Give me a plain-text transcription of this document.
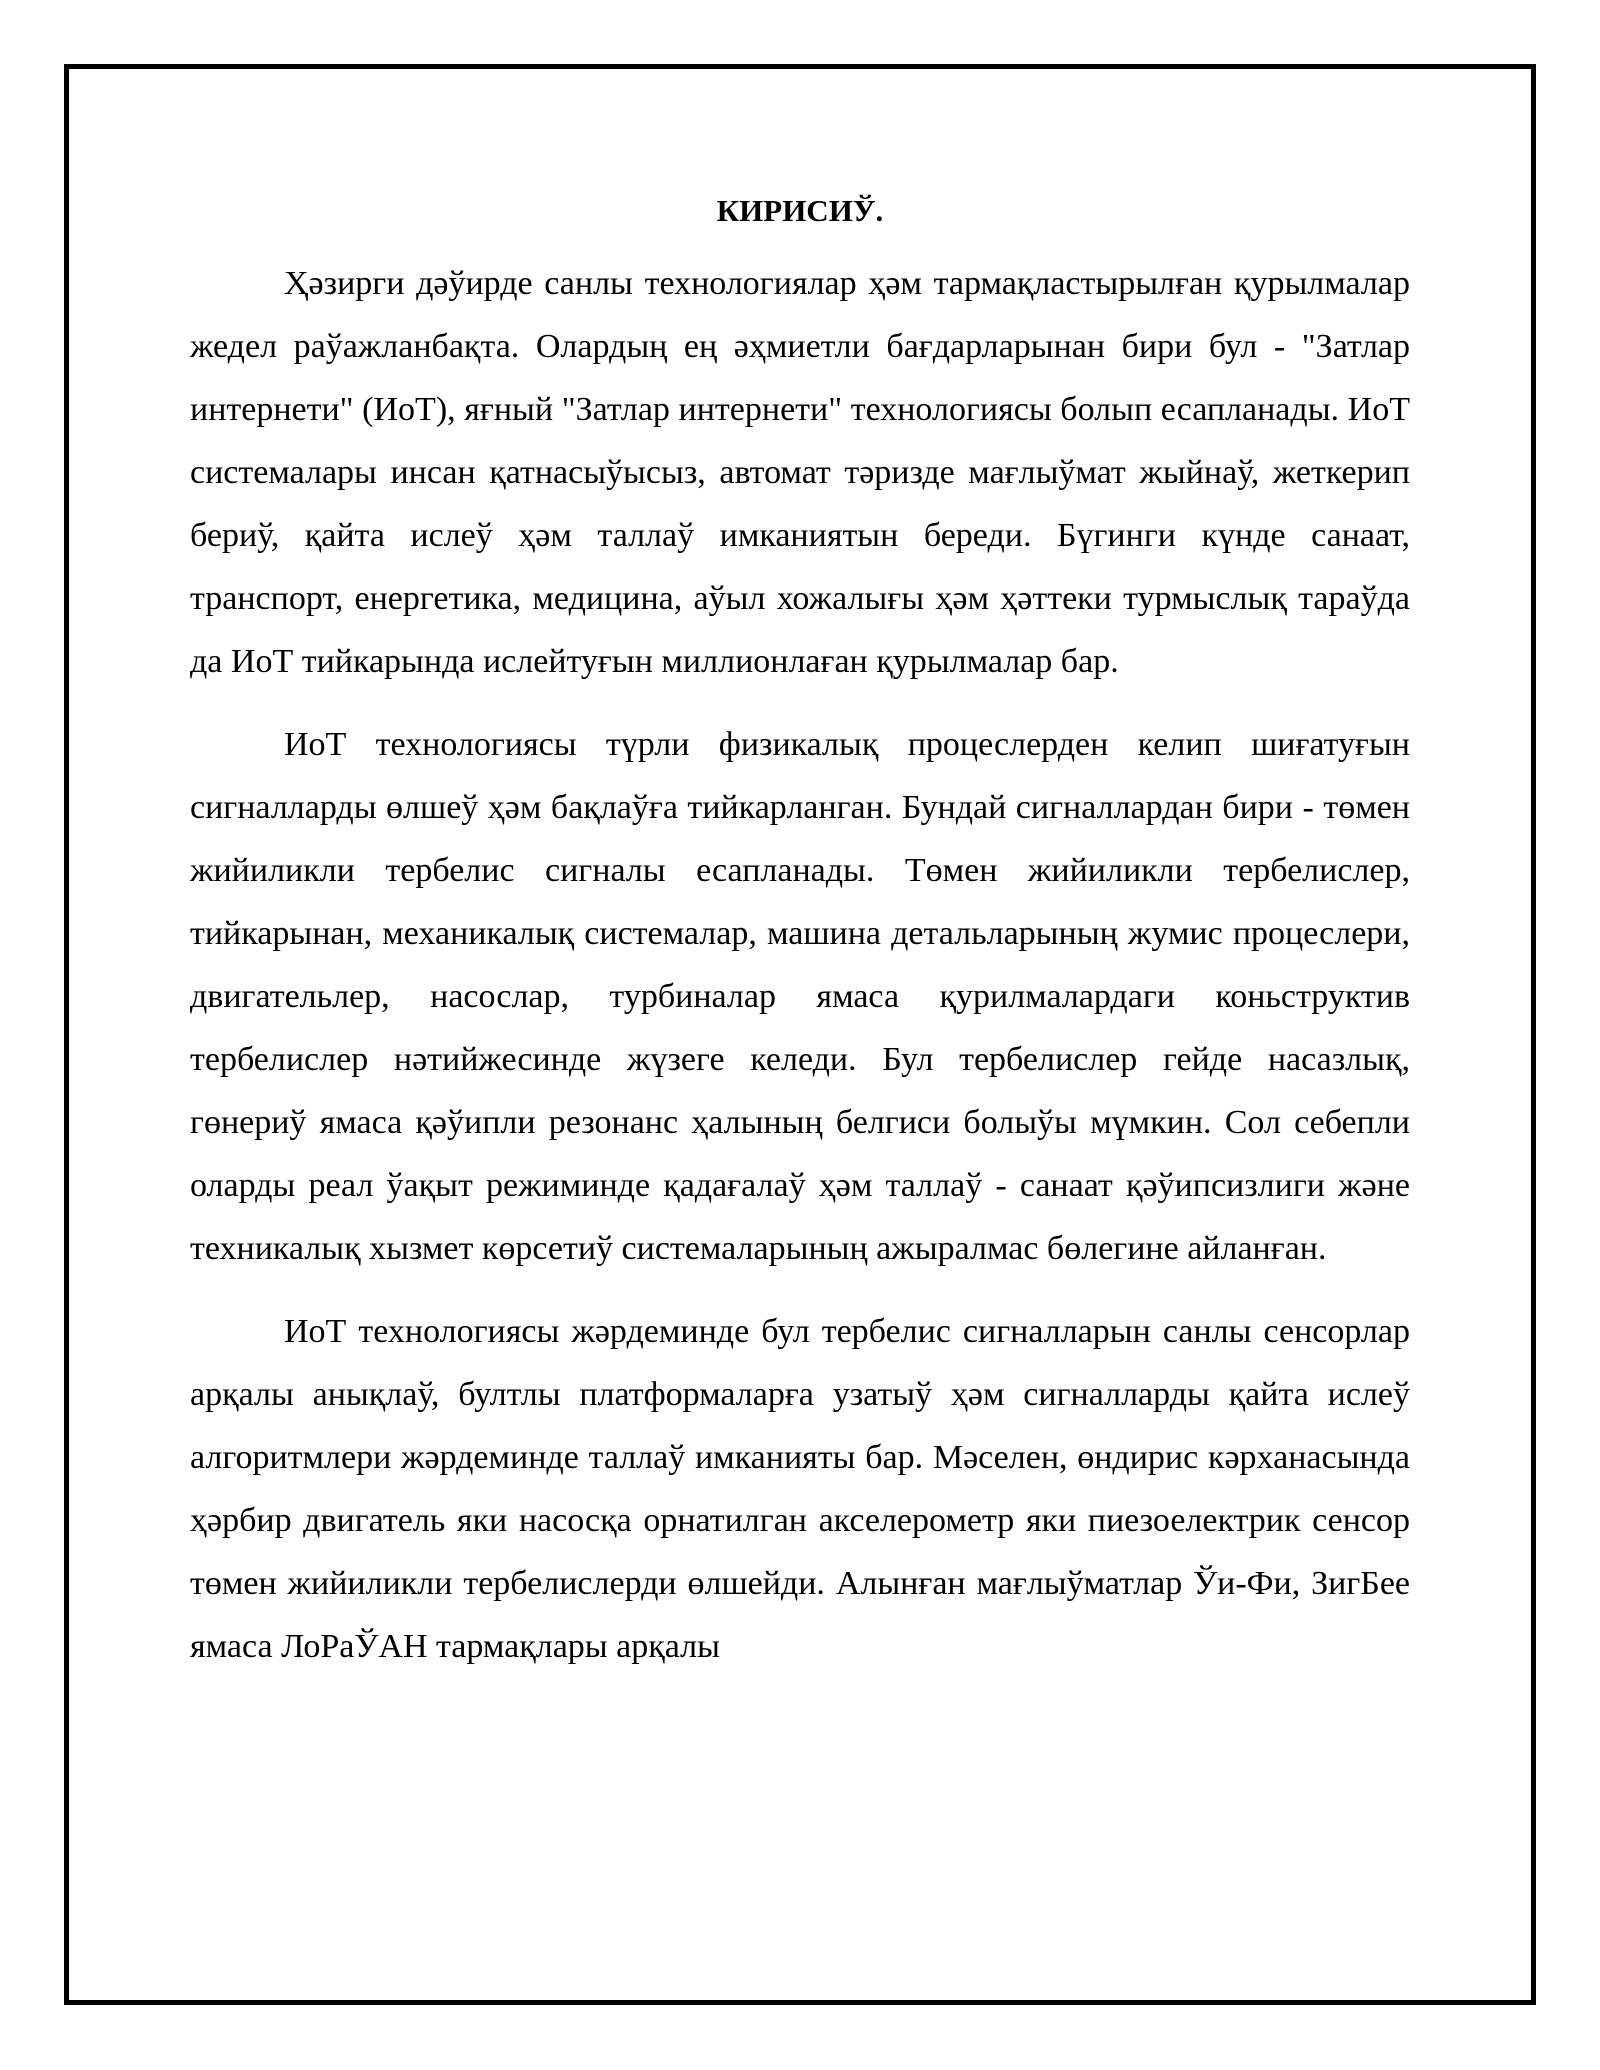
КИРИСИЎ.

Ҳәзирги дәўирде санлы технологиялар ҳәм тармақластырылған қурылмалар жедел раўажланбақта. Олардың ең әҳмиетли бағдарларынан бири бул - "Затлар интернети" (ИоТ), яғный "Затлар интернети" технологиясы болып есапланады. ИоТ системалары инсан қатнасыўысыз, автомат тәризде мағлыўмат жыйнаў, жеткерип бериў, қайта ислеў ҳәм таллаў имканиятын береди. Бүгинги күнде санаат, транспорт, енергетика, медицина, аўыл хожалығы ҳәм ҳәттеки турмыслық тараўда да ИоТ тийкарында ислейтуғын миллионлаған қурылмалар бар.

ИоТ технологиясы түрли физикалық процеслерден келип шиғатуғын сигналларды өлшеў ҳәм бақлаўға тийкарланган. Бундай сигналлардан бири - төмен жийиликли тербелис сигналы есапланады. Төмен жийиликли тербелислер, тийкарынан, механикалық системалар, машина детальларының жумис процеслери, двигательлер, насослар, турбиналар ямаса қурилмалардаги коньструктив тербелислер нәтийжесинде жүзеге келеди. Бул тербелислер гейде насазлық, гөнериў ямаса қәўипли резонанс ҳалының белгиси болыўы мүмкин. Сол себепли оларды реал ўақыт режиминде қадағалаў ҳәм таллаў - санаат қәўипсизлиги жәнe техникалық хызмет көрсетиў системаларының ажыралмас бөлегине айланған.

ИоТ технологиясы жәрдеминде бул тербелис сигналларын санлы сенсорлар арқалы анықлаў, бултлы платформаларға узатыў ҳәм сигналларды қайта ислеў алгоритмлери жәрдеминде таллаў имканияты бар. Мәселен, өндирис кәрханасында ҳәрбир двигатель яки насосқа орнатилган акселерометр яки пиезоелектрик сенсор төмен жийиликли тербелислерди өлшейди. Алынған мағлыўматлар Ўи-Фи, ЗигБее ямаса ЛоРаЎАН тармақлары арқалы
